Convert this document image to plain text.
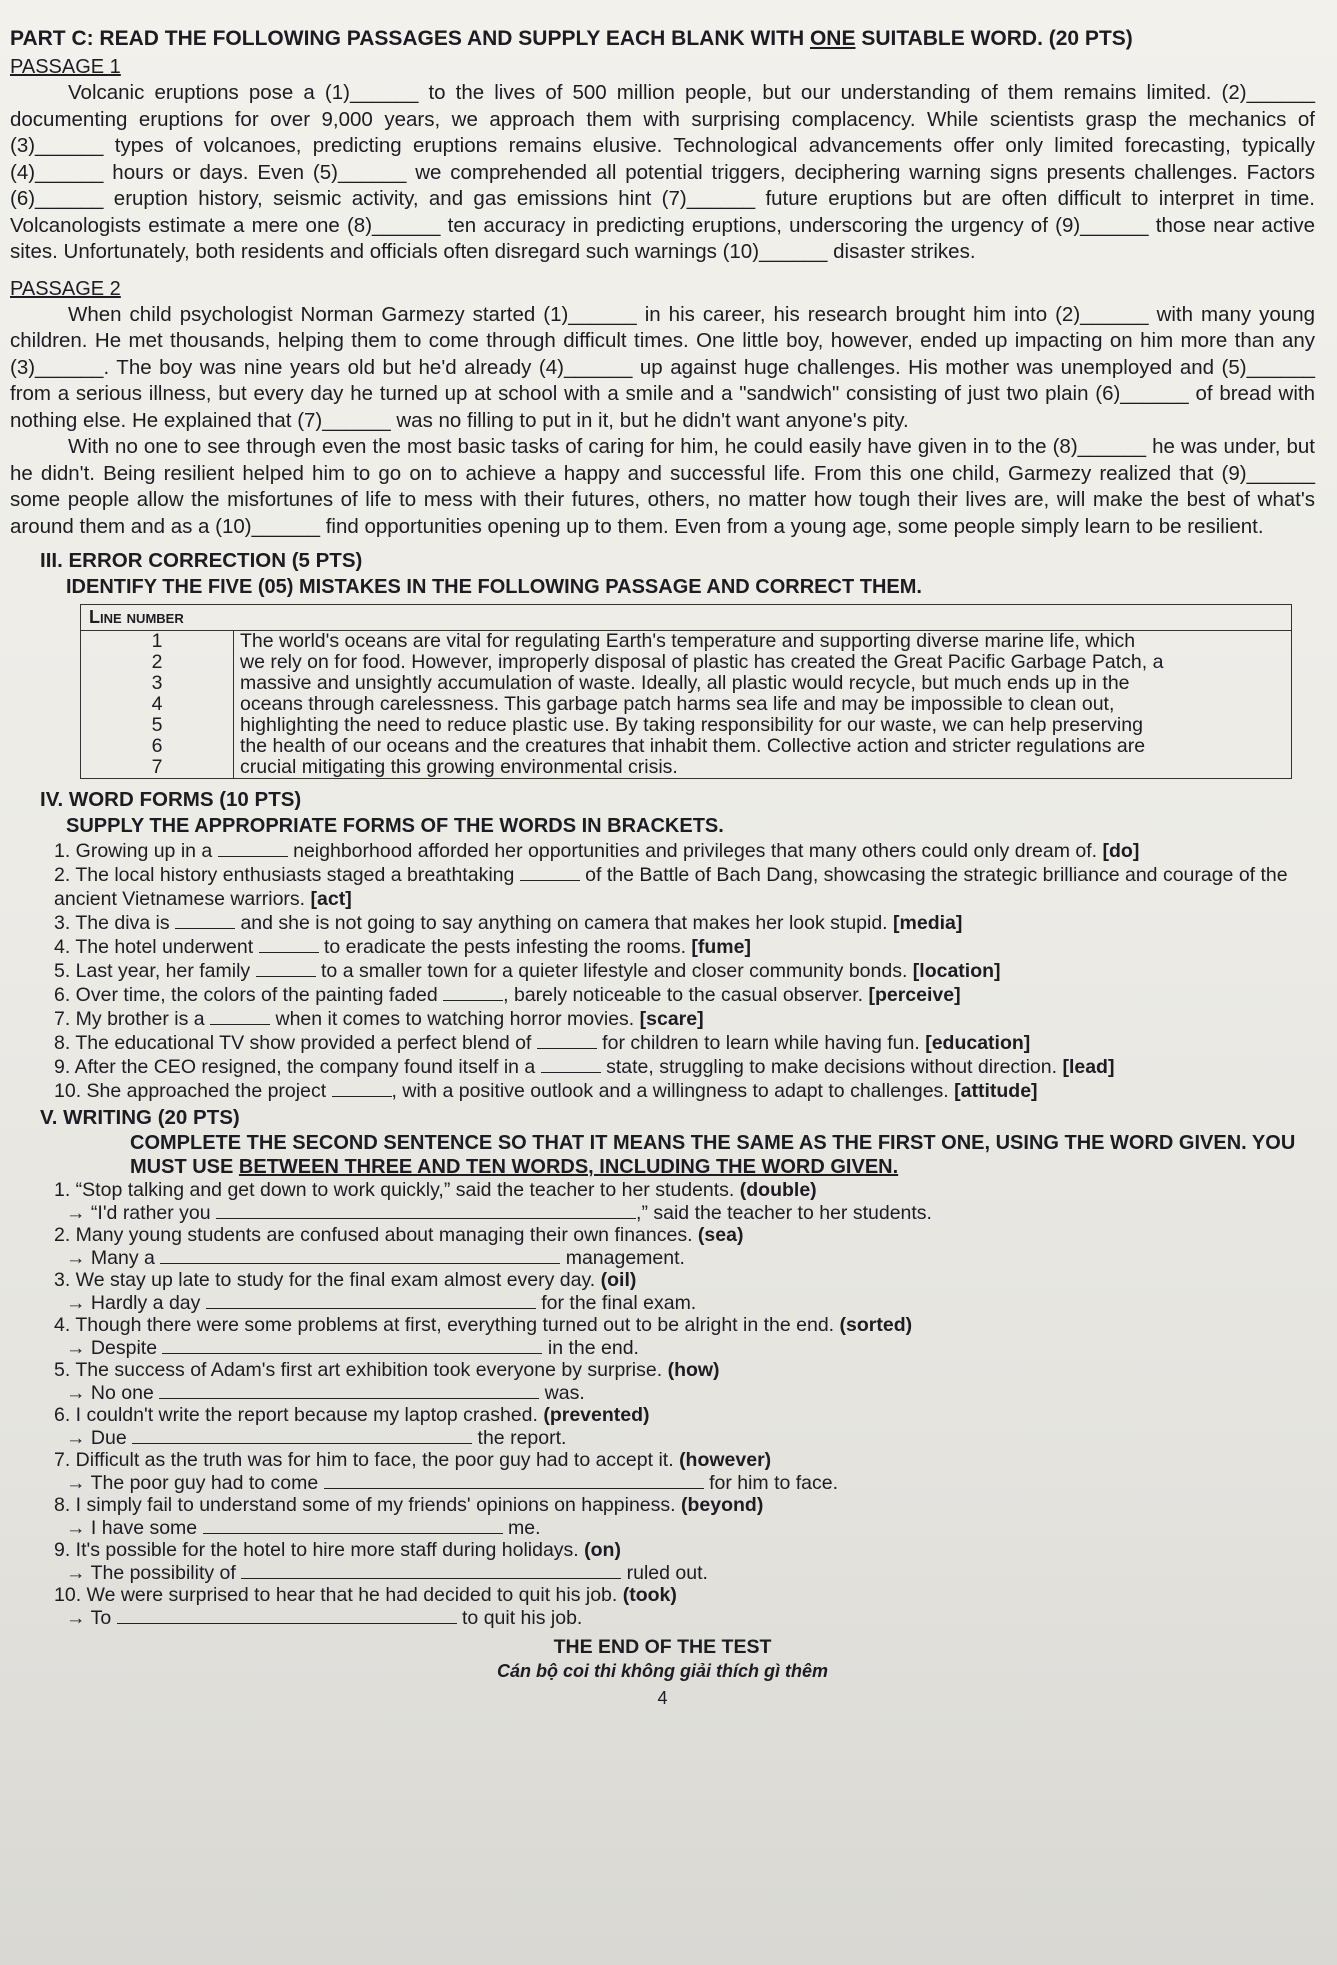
PART C: READ THE FOLLOWING PASSAGES AND SUPPLY EACH BLANK WITH ONE SUITABLE WORD. (20 PTS)
PASSAGE 1

Volcanic eruptions pose a (1)______ to the lives of 500 million people, but our understanding of them remains limited. (2)______ documenting eruptions for over 9,000 years, we approach them with surprising complacency. While scientists grasp the mechanics of (3)______ types of volcanoes, predicting eruptions remains elusive. Technological advancements offer only limited forecasting, typically (4)______ hours or days. Even (5)______ we comprehended all potential triggers, deciphering warning signs presents challenges. Factors (6)______ eruption history, seismic activity, and gas emissions hint (7)______ future eruptions but are often difficult to interpret in time. Volcanologists estimate a mere one (8)______ ten accuracy in predicting eruptions, underscoring the urgency of (9)______ those near active sites. Unfortunately, both residents and officials often disregard such warnings (10)______ disaster strikes.

PASSAGE 2

When child psychologist Norman Garmezy started (1)______ in his career, his research brought him into (2)______ with many young children. He met thousands, helping them to come through difficult times. One little boy, however, ended up impacting on him more than any (3)______. The boy was nine years old but he'd already (4)______ up against huge challenges. His mother was unemployed and (5)______ from a serious illness, but every day he turned up at school with a smile and a "sandwich" consisting of just two plain (6)______ of bread with nothing else. He explained that (7)______ was no filling to put in it, but he didn't want anyone's pity.

With no one to see through even the most basic tasks of caring for him, he could easily have given in to the (8)______ he was under, but he didn't. Being resilient helped him to go on to achieve a happy and successful life. From this one child, Garmezy realized that (9)______ some people allow the misfortunes of life to mess with their futures, others, no matter how tough their lives are, will make the best of what's around them and as a (10)______ find opportunities opening up to them. Even from a young age, some people simply learn to be resilient.

III. ERROR CORRECTION (5 PTS)
IDENTIFY THE FIVE (05) MISTAKES IN THE FOLLOWING PASSAGE AND CORRECT THEM.
Line number	
1	The world's oceans are vital for regulating Earth's temperature and supporting diverse marine life, which
2	we rely on for food. However, improperly disposal of plastic has created the Great Pacific Garbage Patch, a
3	massive and unsightly accumulation of waste. Ideally, all plastic would recycle, but much ends up in the
4	oceans through carelessness. This garbage patch harms sea life and may be impossible to clean out,
5	highlighting the need to reduce plastic use. By taking responsibility for our waste, we can help preserving
6	the health of our oceans and the creatures that inhabit them. Collective action and stricter regulations are
7	crucial mitigating this growing environmental crisis.
IV. WORD FORMS (10 PTS)
SUPPLY THE APPROPRIATE FORMS OF THE WORDS IN BRACKETS.

1. Growing up in a	neighborhood afforded her opportunities and privileges that many others could only dream of. [do]

2. The local history enthusiasts staged a breathtaking	of the Battle of Bach Dang, showcasing the strategic brilliance and courage of the ancient Vietnamese warriors. [act]

3. The diva is	and she is not going to say anything on camera that makes her look stupid. [media]

4. The hotel underwent	to eradicate the pests infesting the rooms. [fume]

5. Last year, her family	to a smaller town for a quieter lifestyle and closer community bonds. [location]

6. Over time, the colors of the painting faded	, barely noticeable to the casual observer. [perceive]

7. My brother is a	when it comes to watching horror movies. [scare]

8. The educational TV show provided a perfect blend of	for children to learn while having fun. [education]

9. After the CEO resigned, the company found itself in a	state, struggling to make decisions without direction. [lead]

10. She approached the project	, with a positive outlook and a willingness to adapt to challenges. [attitude]

V. WRITING (20 PTS)
COMPLETE THE SECOND SENTENCE SO THAT IT MEANS THE SAME AS THE FIRST ONE, USING THE WORD GIVEN. YOU MUST USE BETWEEN THREE AND TEN WORDS, INCLUDING THE WORD GIVEN.
1. “Stop talking and get down to work quickly,” said the teacher to her students. (double)
→ “I'd rather you	,” said the teacher to her students.
2. Many young students are confused about managing their own finances. (sea)
→ Many a	management.
3. We stay up late to study for the final exam almost every day. (oil)
→ Hardly a day	for the final exam.
4. Though there were some problems at first, everything turned out to be alright in the end. (sorted)
→ Despite	in the end.
5. The success of Adam's first art exhibition took everyone by surprise. (how)
→ No one	was.
6. I couldn't write the report because my laptop crashed. (prevented)
→ Due	the report.
7. Difficult as the truth was for him to face, the poor guy had to accept it. (however)
→ The poor guy had to come	for him to face.
8. I simply fail to understand some of my friends' opinions on happiness. (beyond)
→ I have some	me.
9. It's possible for the hotel to hire more staff during holidays. (on)
→ The possibility of	ruled out.
10. We were surprised to hear that he had decided to quit his job. (took)
→ To	to quit his job.
THE END OF THE TEST
Cán bộ coi thi không giải thích gì thêm
4
